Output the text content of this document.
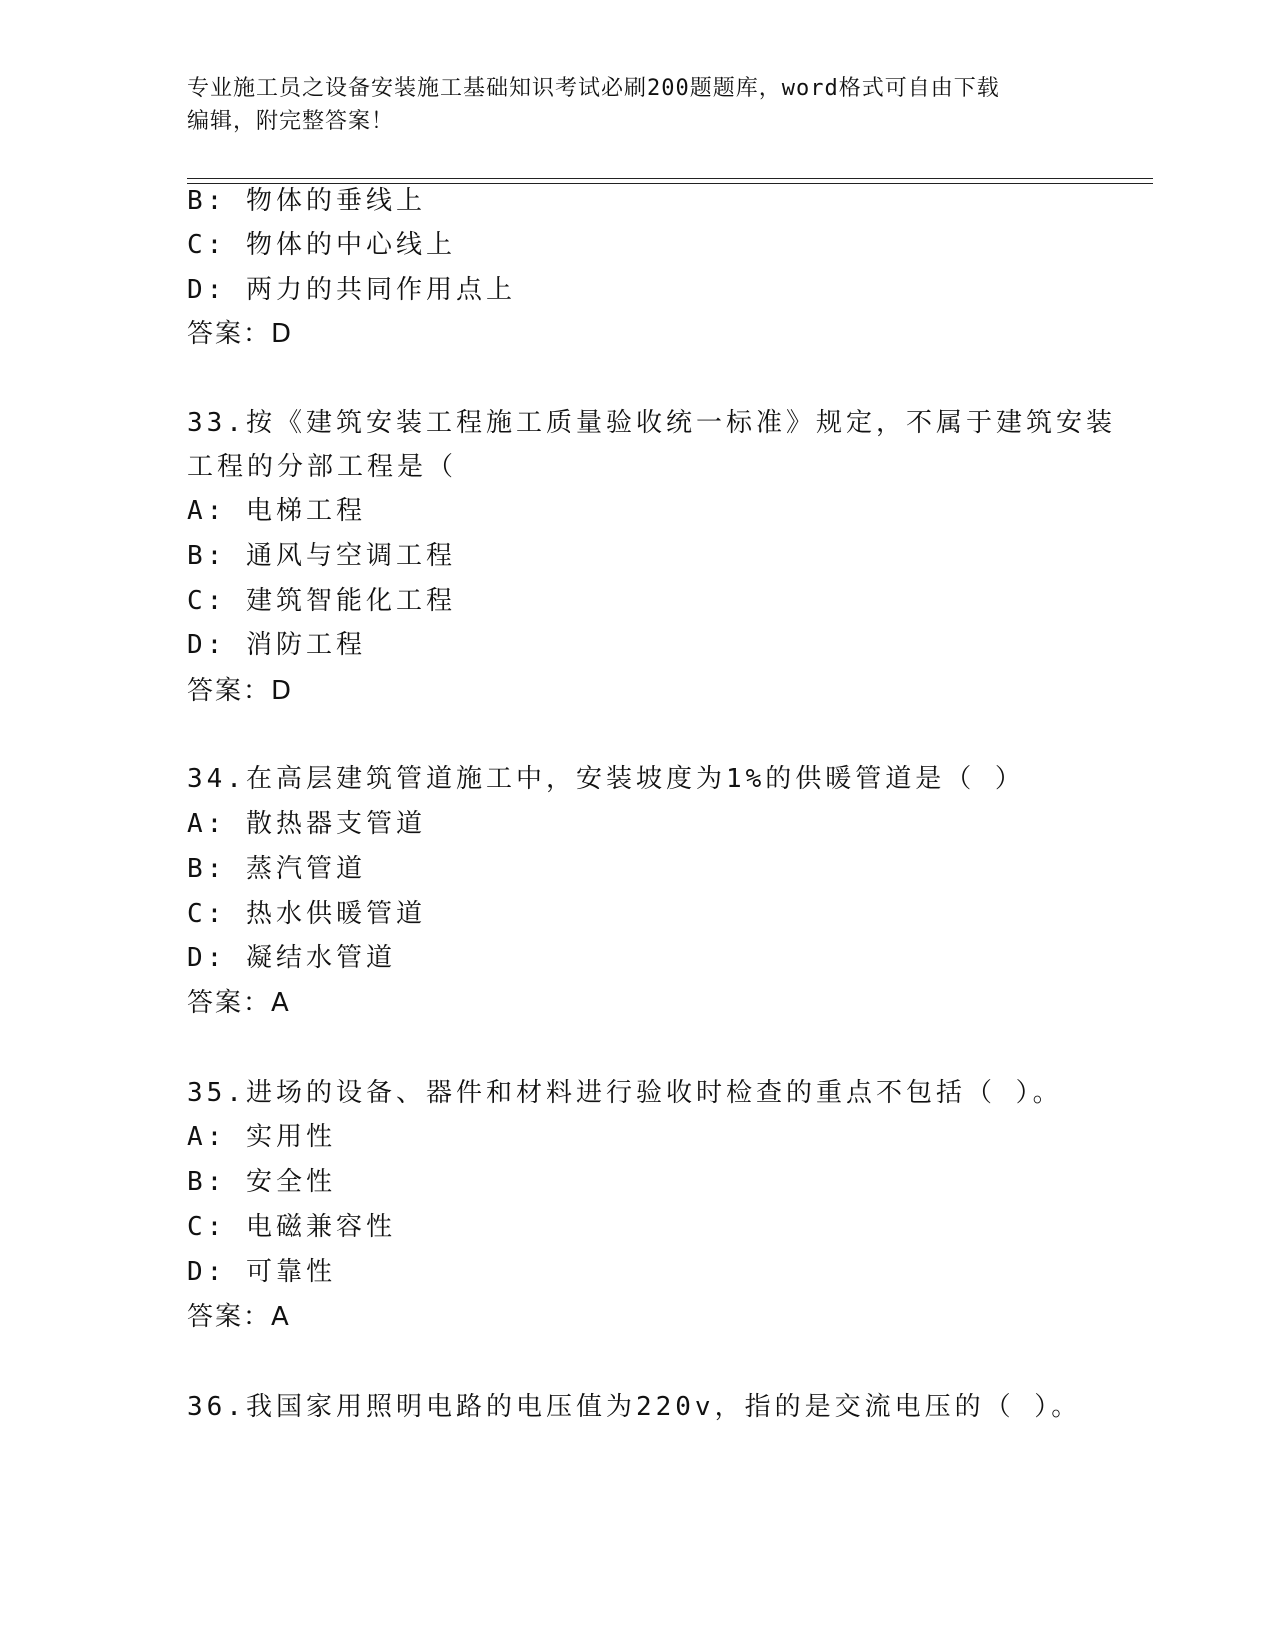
专业施工员之设备安装施工基础知识考试必刷200题题库，word格式可自由下载
编辑，附完整答案！
B: 物体的垂线上
C: 物体的中心线上
D: 两力的共同作用点上
答案：D
33.按《建筑安装工程施工质量验收统一标准》规定，不属于建筑安装
工程的分部工程是（
A: 电梯工程
B: 通风与空调工程
C: 建筑智能化工程
D: 消防工程
答案：D
34.在高层建筑管道施工中，安装坡度为1%的供暖管道是（ ）
A: 散热器支管道
B: 蒸汽管道
C: 热水供暖管道
D: 凝结水管道
答案：A
35.进场的设备、器件和材料进行验收时检查的重点不包括（ ）。
A: 实用性
B: 安全性
C: 电磁兼容性
D: 可靠性
答案：A
36.我国家用照明电路的电压值为220v，指的是交流电压的（ ）。
